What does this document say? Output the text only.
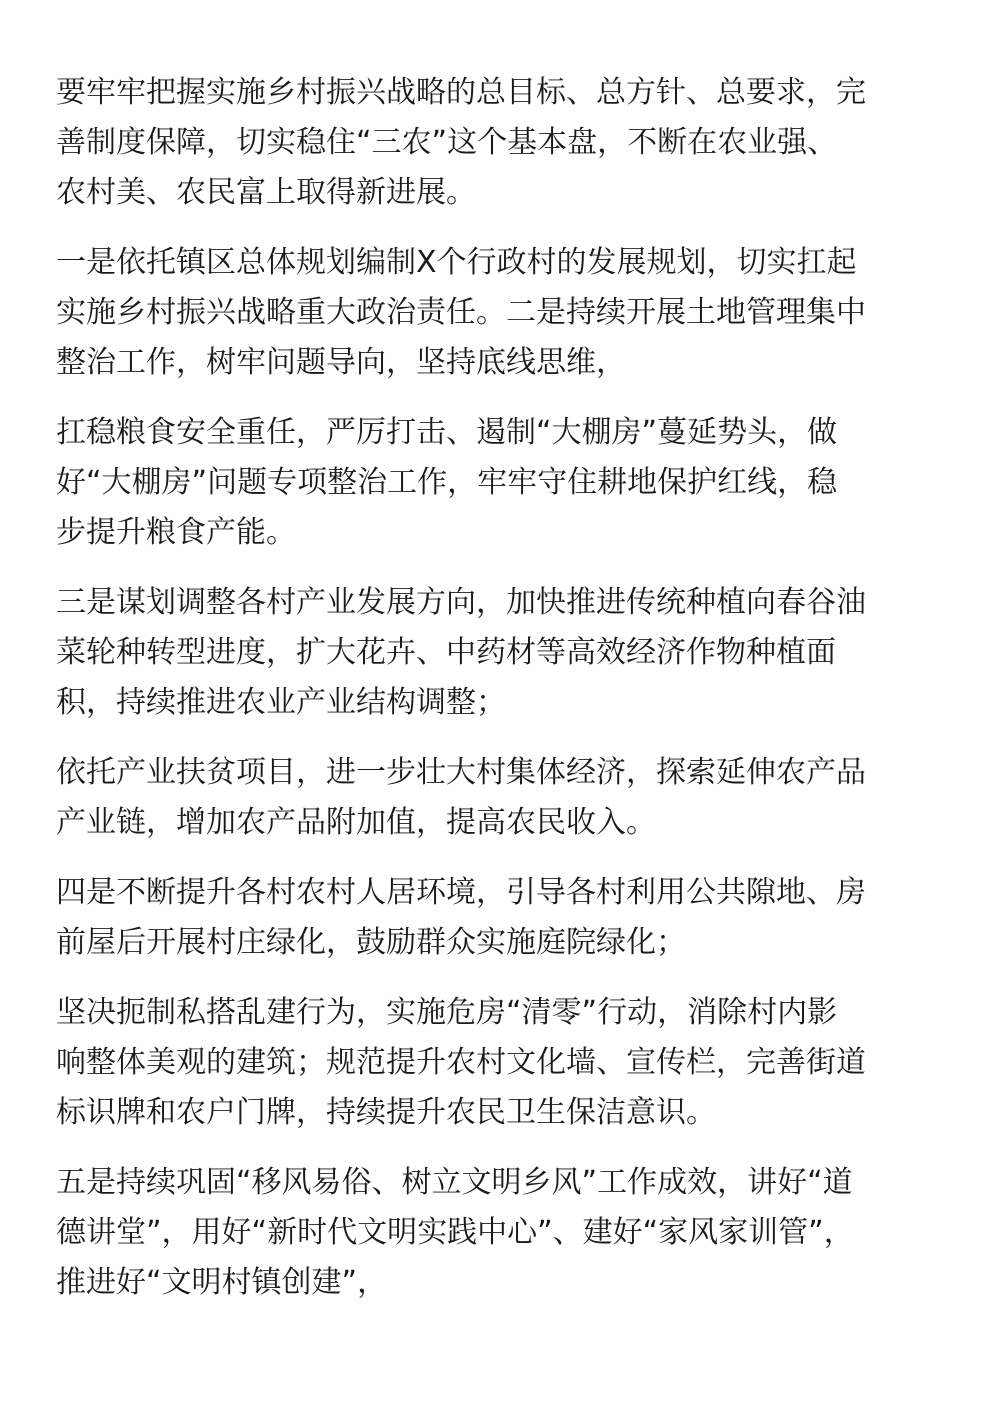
要牢牢把握实施乡村振兴战略的总目标、总方针、总要求，完善制度保障，切实稳住“三农”这个基本盘，不断在农业强、农村美、农民富上取得新进展。

一是依托镇区总体规划编制X个行政村的发展规划，切实扛起实施乡村振兴战略重大政治责任。二是持续开展土地管理集中整治工作，树牢问题导向，坚持底线思维，

扛稳粮食安全重任，严厉打击、遏制“大棚房”蔓延势头，做好“大棚房”问题专项整治工作，牢牢守住耕地保护红线，稳步提升粮食产能。

三是谋划调整各村产业发展方向，加快推进传统种植向春谷油菜轮种转型进度，扩大花卉、中药材等高效经济作物种植面积，持续推进农业产业结构调整；

依托产业扶贫项目，进一步壮大村集体经济，探索延伸农产品产业链，增加农产品附加值，提高农民收入。

四是不断提升各村农村人居环境，引导各村利用公共隙地、房前屋后开展村庄绿化，鼓励群众实施庭院绿化；

坚决扼制私搭乱建行为，实施危房“清零”行动，消除村内影响整体美观的建筑；规范提升农村文化墙、宣传栏，完善街道标识牌和农户门牌，持续提升农民卫生保洁意识。

五是持续巩固“移风易俗、树立文明乡风”工作成效，讲好“道德讲堂”，用好“新时代文明实践中心”、建好“家风家训管”，推进好“文明村镇创建”，
